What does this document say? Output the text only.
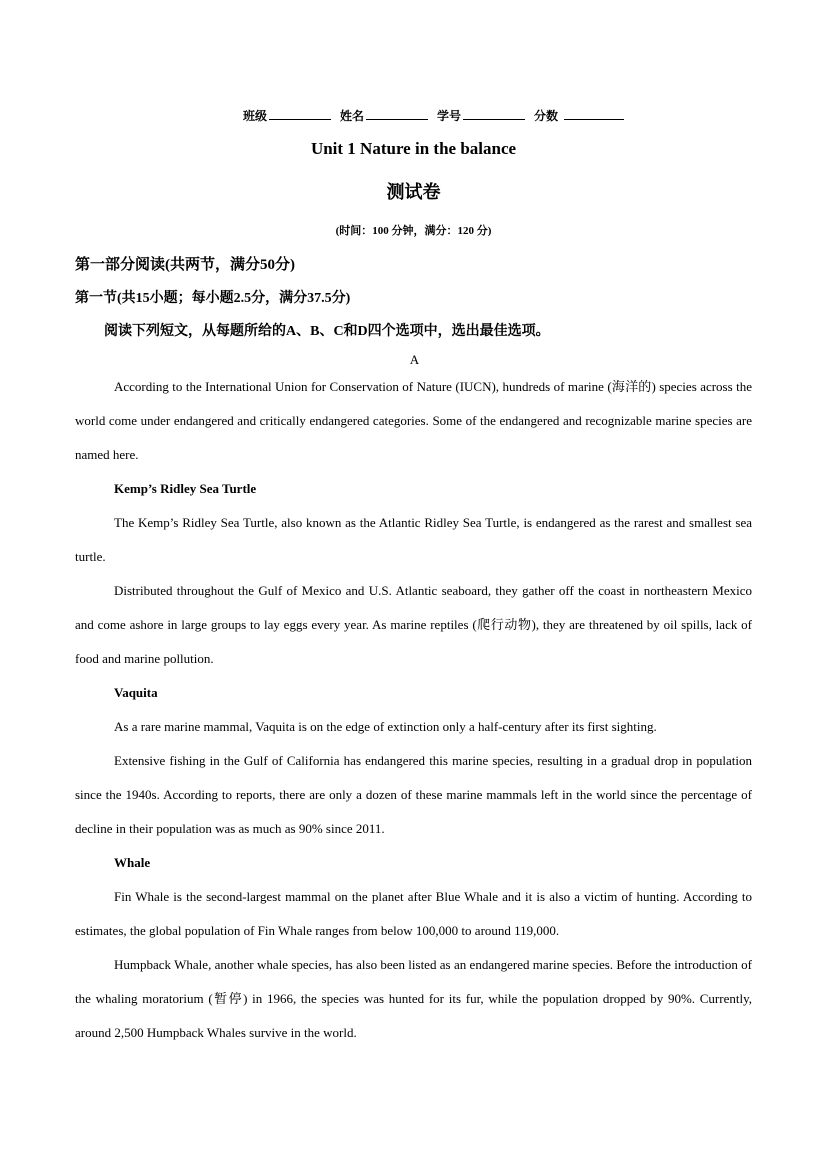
班级	姓名	学号	分数
Unit 1 Nature in the balance
测试卷
(时间：100 分钟，满分：120 分)
第一部分阅读(共两节，满分50分)
第一节(共15小题；每小题2.5分，满分37.5分)
阅读下列短文，从每题所给的A、B、C和D四个选项中，选出最佳选项。
A

According to the International Union for Conservation of Nature (IUCN), hundreds of marine (海洋的) species across the world come under endangered and critically endangered categories. Some of the endangered and recognizable marine species are named here.

Kemp’s Ridley Sea Turtle

The Kemp’s Ridley Sea Turtle, also known as the Atlantic Ridley Sea Turtle, is endangered as the rarest and smallest sea turtle.

Distributed throughout the Gulf of Mexico and U.S. Atlantic seaboard, they gather off the coast in northeastern Mexico and come ashore in large groups to lay eggs every year. As marine reptiles (爬行动物), they are threatened by oil spills, lack of food and marine pollution.

Vaquita

As a rare marine mammal, Vaquita is on the edge of extinction only a half-century after its first sighting.

Extensive fishing in the Gulf of California has endangered this marine species, resulting in a gradual drop in population since the 1940s. According to reports, there are only a dozen of these marine mammals left in the world since the percentage of decline in their population was as much as 90% since 2011.

Whale

Fin Whale is the second-largest mammal on the planet after Blue Whale and it is also a victim of hunting. According to estimates, the global population of Fin Whale ranges from below 100,000 to around 119,000.

Humpback Whale, another whale species, has also been listed as an endangered marine species. Before the introduction of the whaling moratorium (暂停) in 1966, the species was hunted for its fur, while the population dropped by 90%. Currently, around 2,500 Humpback Whales survive in the world.
